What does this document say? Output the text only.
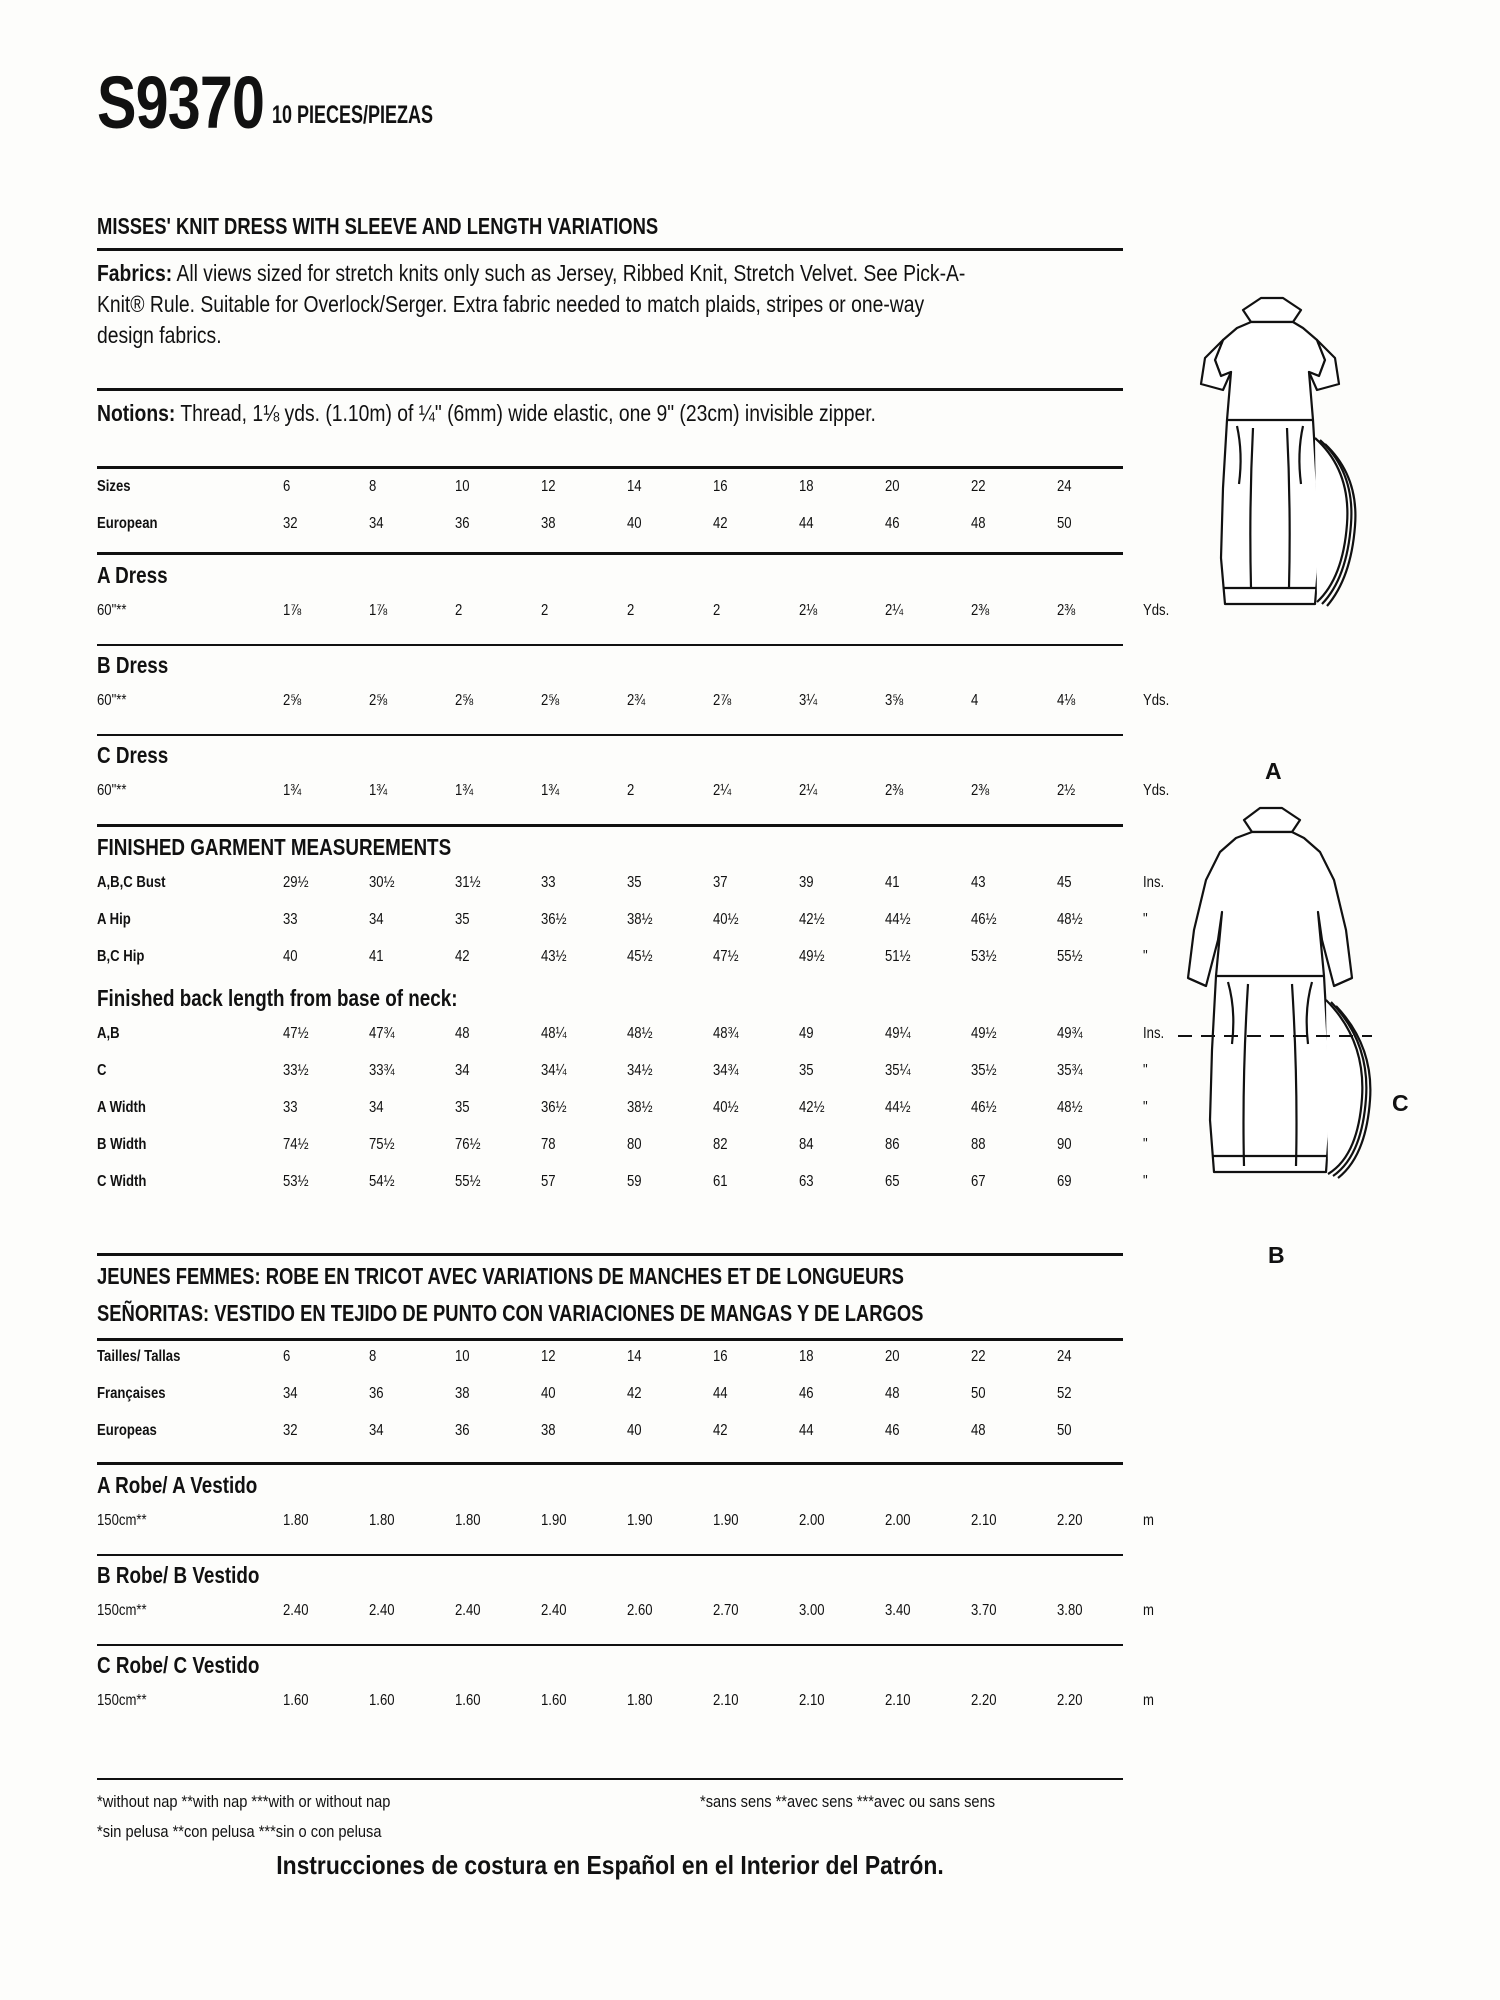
S9370 10 PIECES/PIEZAS
MISSES' KNIT DRESS WITH SLEEVE AND LENGTH VARIATIONS
Fabrics: All views sized for stretch knits only such as Jersey, Ribbed Knit, Stretch Velvet. See Pick-A-Knit® Rule. Suitable for Overlock/Serger. Extra fabric needed to match plaids, stripes or one-way design fabrics.
Notions: Thread, 1⅛ yds. (1.10m) of ¼" (6mm) wide elastic, one 9" (23cm) invisible zipper.
Sizes	6	8	10	12	14	16	18	20	22	24
European	32	34	36	38	40	42	44	46	48	50
A Dress
60"**	1⅞	1⅞	2	2	2	2	2⅛	2¼	2⅜	2⅜	Yds.
B Dress
60"**	2⅝	2⅝	2⅝	2⅝	2¾	2⅞	3¼	3⅝	4	4⅛	Yds.
C Dress
60"**	1¾	1¾	1¾	1¾	2	2¼	2¼	2⅜	2⅜	2½	Yds.
FINISHED GARMENT MEASUREMENTS
A,B,C Bust	29½	30½	31½	33	35	37	39	41	43	45	Ins.
A Hip	33	34	35	36½	38½	40½	42½	44½	46½	48½	"
B,C Hip	40	41	42	43½	45½	47½	49½	51½	53½	55½	"
Finished back length from base of neck:
A,B	47½	47¾	48	48¼	48½	48¾	49	49¼	49½	49¾	Ins.
C	33½	33¾	34	34¼	34½	34¾	35	35¼	35½	35¾	"
A Width	33	34	35	36½	38½	40½	42½	44½	46½	48½	"
B Width	74½	75½	76½	78	80	82	84	86	88	90	"
C Width	53½	54½	55½	57	59	61	63	65	67	69	"
JEUNES FEMMES: ROBE EN TRICOT AVEC VARIATIONS DE MANCHES ET DE LONGUEURS
SEÑORITAS: VESTIDO EN TEJIDO DE PUNTO CON VARIACIONES DE MANGAS Y DE LARGOS
Tailles/ Tallas	6	8	10	12	14	16	18	20	22	24
Françaises	34	36	38	40	42	44	46	48	50	52
Europeas	32	34	36	38	40	42	44	46	48	50
A Robe/ A Vestido
150cm**	1.80	1.80	1.80	1.90	1.90	1.90	2.00	2.00	2.10	2.20	m
B Robe/ B Vestido
150cm**	2.40	2.40	2.40	2.40	2.60	2.70	3.00	3.40	3.70	3.80	m
C Robe/ C Vestido
150cm**	1.60	1.60	1.60	1.60	1.80	2.10	2.10	2.10	2.20	2.20	m
*without nap **with nap ***with or without nap	*sans sens **avec sens ***avec ou sans sens
*sin pelusa **con pelusa ***sin o con pelusa
Instrucciones de costura en Español en el Interior del Patrón.
A
C
B
